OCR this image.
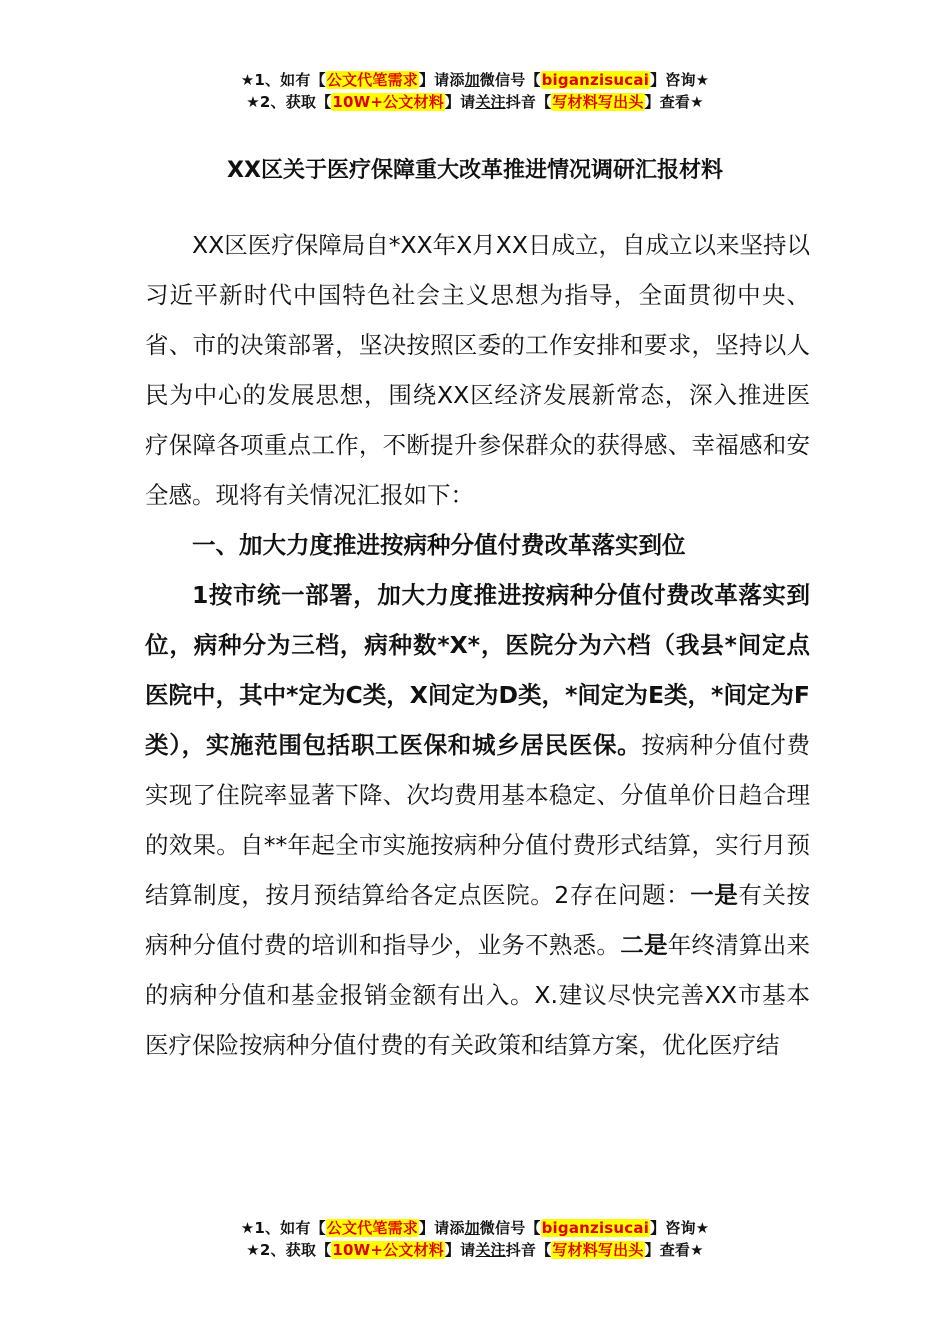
★1、如有【公文代笔需求】请添加微信号【biganzisucai】咨询★
★2、获取【10W+公文材料】请关注抖音【写材料写出头】查看★
XX区关于医疗保障重大改革推进情况调研汇报材料

XX区医疗保障局自*XX年X月XX日成立，自成立以来坚持以习近平新时代中国特色社会主义思想为指导，全面贯彻中央、省、市的决策部署，坚决按照区委的工作安排和要求，坚持以人民为中心的发展思想，围绕XX区经济发展新常态，深入推进医疗保障各项重点工作，不断提升参保群众的获得感、幸福感和安全感。现将有关情况汇报如下：

一、加大力度推进按病种分值付费改革落实到位

1按市统一部署，加大力度推进按病种分值付费改革落实到位，病种分为三档，病种数*X*，医院分为六档（我县*间定点医院中，其中*定为C类，X间定为D类，*间定为E类，*间定为F类），实施范围包括职工医保和城乡居民医保。按病种分值付费实现了住院率显著下降、次均费用基本稳定、分值单价日趋合理的效果。自**年起全市实施按病种分值付费形式结算，实行月预结算制度，按月预结算给各定点医院。2存在问题：一是有关按病种分值付费的培训和指导少，业务不熟悉。二是年终清算出来的病种分值和基金报销金额有出入。X.建议尽快完善XX市基本医疗保险按病种分值付费的有关政策和结算方案，优化医疗结

★1、如有【公文代笔需求】请添加微信号【biganzisucai】咨询★
★2、获取【10W+公文材料】请关注抖音【写材料写出头】查看★
